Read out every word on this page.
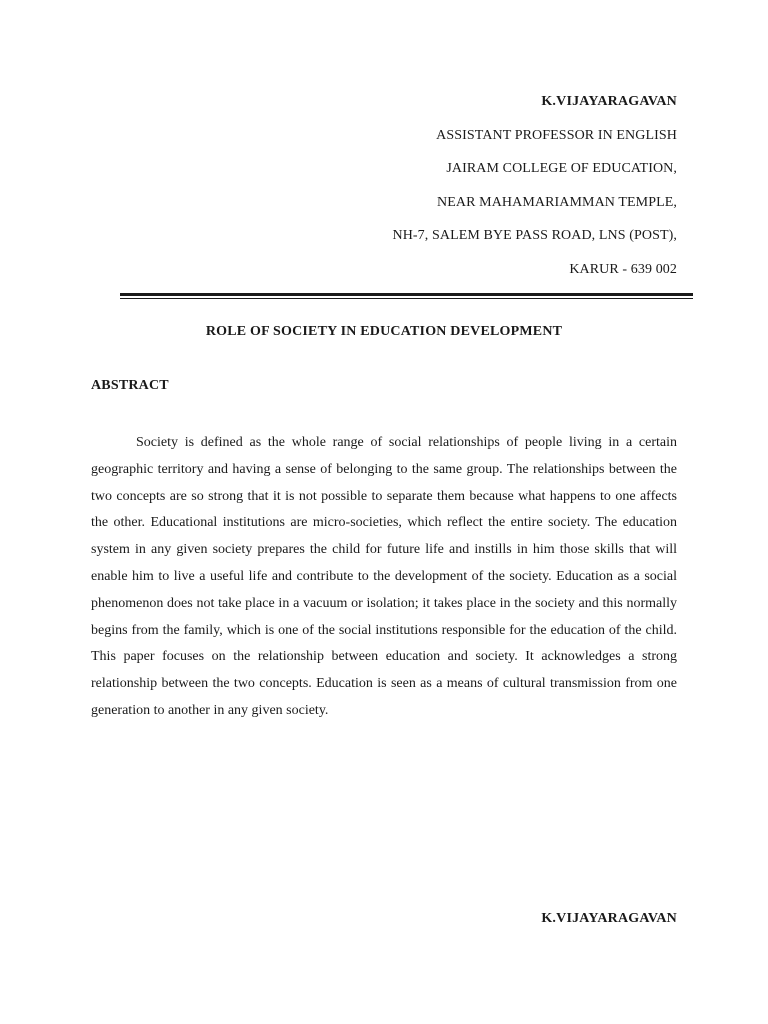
K.VIJAYARAGAVAN
ASSISTANT PROFESSOR IN ENGLISH
JAIRAM COLLEGE OF EDUCATION,
NEAR MAHAMARIAMMAN TEMPLE,
NH-7, SALEM BYE PASS ROAD, LNS (POST),
KARUR - 639 002
ROLE OF SOCIETY IN EDUCATION DEVELOPMENT
ABSTRACT

Society is defined as the whole range of social relationships of people living in a certain geographic territory and having a sense of belonging to the same group. The relationships between the two concepts are so strong that it is not possible to separate them because what happens to one affects the other. Educational institutions are micro-societies, which reflect the entire society. The education system in any given society prepares the child for future life and instills in him those skills that will enable him to live a useful life and contribute to the development of the society. Education as a social phenomenon does not take place in a vacuum or isolation; it takes place in the society and this normally begins from the family, which is one of the social institutions responsible for the education of the child. This paper focuses on the relationship between education and society. It acknowledges a strong relationship between the two concepts. Education is seen as a means of cultural transmission from one generation to another in any given society.

K.VIJAYARAGAVAN
